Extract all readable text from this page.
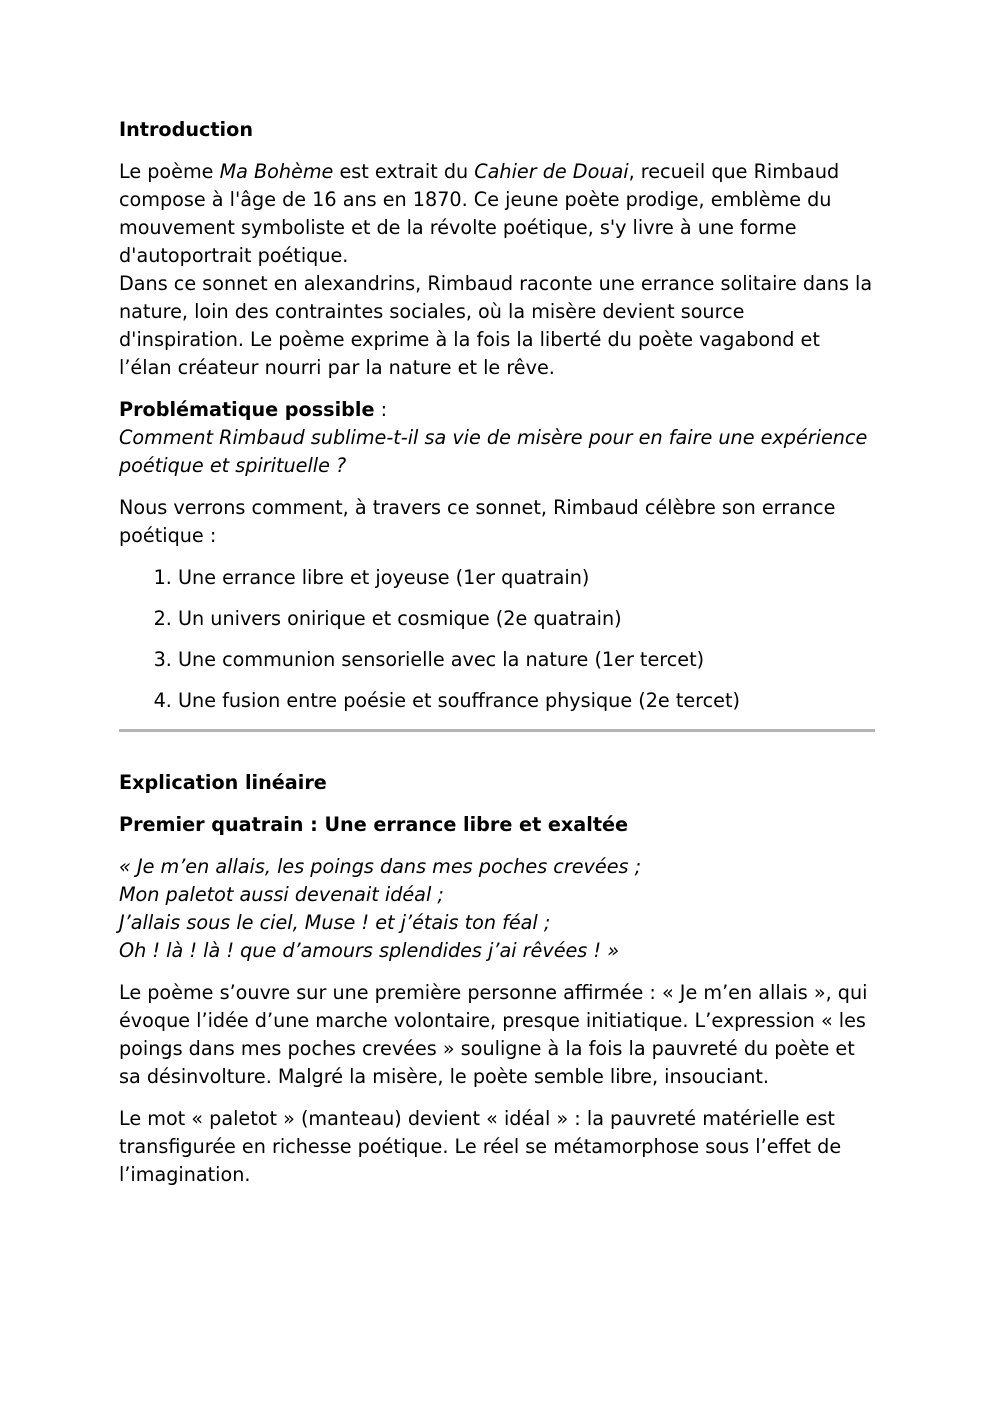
Introduction

Le poème Ma Bohème est extrait du Cahier de Douai, recueil que Rimbaud compose à l'âge de 16 ans en 1870. Ce jeune poète prodige, emblème du mouvement symboliste et de la révolte poétique, s'y livre à une forme d'autoportrait poétique.

Dans ce sonnet en alexandrins, Rimbaud raconte une errance solitaire dans la nature, loin des contraintes sociales, où la misère devient source d'inspiration. Le poème exprime à la fois la liberté du poète vagabond et l’élan créateur nourri par la nature et le rêve.

Problématique possible :

Comment Rimbaud sublime-t-il sa vie de misère pour en faire une expérience poétique et spirituelle ?

Nous verrons comment, à travers ce sonnet, Rimbaud célèbre son errance poétique :

1. Une errance libre et joyeuse (1er quatrain)
2. Un univers onirique et cosmique (2e quatrain)
3. Une communion sensorielle avec la nature (1er tercet)
4. Une fusion entre poésie et souffrance physique (2e tercet)
Explication linéaire
Premier quatrain : Une errance libre et exaltée

« Je m’en allais, les poings dans mes poches crevées ;

Mon paletot aussi devenait idéal ;

J’allais sous le ciel, Muse ! et j’étais ton féal ;

Oh ! là ! là ! que d’amours splendides j’ai rêvées ! »

Le poème s’ouvre sur une première personne affirmée : « Je m’en allais », qui évoque l’idée d’une marche volontaire, presque initiatique. L’expression « les poings dans mes poches crevées » souligne à la fois la pauvreté du poète et sa désinvolture. Malgré la misère, le poète semble libre, insouciant.

Le mot « paletot » (manteau) devient « idéal » : la pauvreté matérielle est transfigurée en richesse poétique. Le réel se métamorphose sous l’effet de l’imagination.
